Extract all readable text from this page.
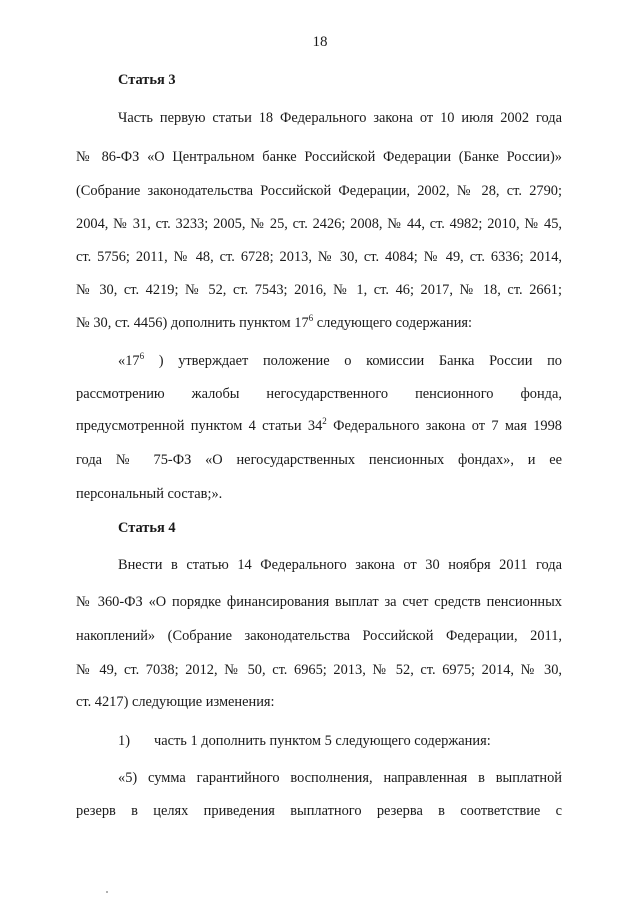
18
Статья 3
Часть первую статьи 18 Федерального закона от 10 июля 2002 года
№ 86-ФЗ «О Центральном банке Российской Федерации (Банке России)»
(Собрание законодательства Российской Федерации, 2002, № 28, ст. 2790;
2004, № 31, ст. 3233; 2005, № 25, ст. 2426; 2008, № 44, ст. 4982; 2010, № 45,
ст. 5756; 2011, № 48, ст. 6728; 2013, № 30, ст. 4084; № 49, ст. 6336; 2014,
№ 30, ст. 4219; № 52, ст. 7543; 2016, № 1, ст. 46; 2017, № 18, ст. 2661;
№ 30, ст. 4456) дополнить пунктом $17^6$ следующего содержания:
«$17^6$ ) утверждает положение о комиссии Банка России по
рассмотрению жалобы негосударственного пенсионного фонда,
предусмотренной пунктом 4 статьи $34^2$ Федерального закона от 7 мая 1998
года № 75-ФЗ «О негосударственных пенсионных фондах», и ее
персональный состав;».
Статья 4
Внести в статью 14 Федерального закона от 30 ноября 2011 года
№ 360-ФЗ «О порядке финансирования выплат за счет средств пенсионных
накоплений» (Собрание законодательства Российской Федерации, 2011,
№ 49, ст. 7038; 2012, № 50, ст. 6965; 2013, № 52, ст. 6975; 2014, № 30,
ст. 4217) следующие изменения:
1) часть 1 дополнить пунктом 5 следующего содержания:
«5) сумма гарантийного восполнения, направленная в выплатной
резерв в целях приведения выплатного резерва в соответствие с
